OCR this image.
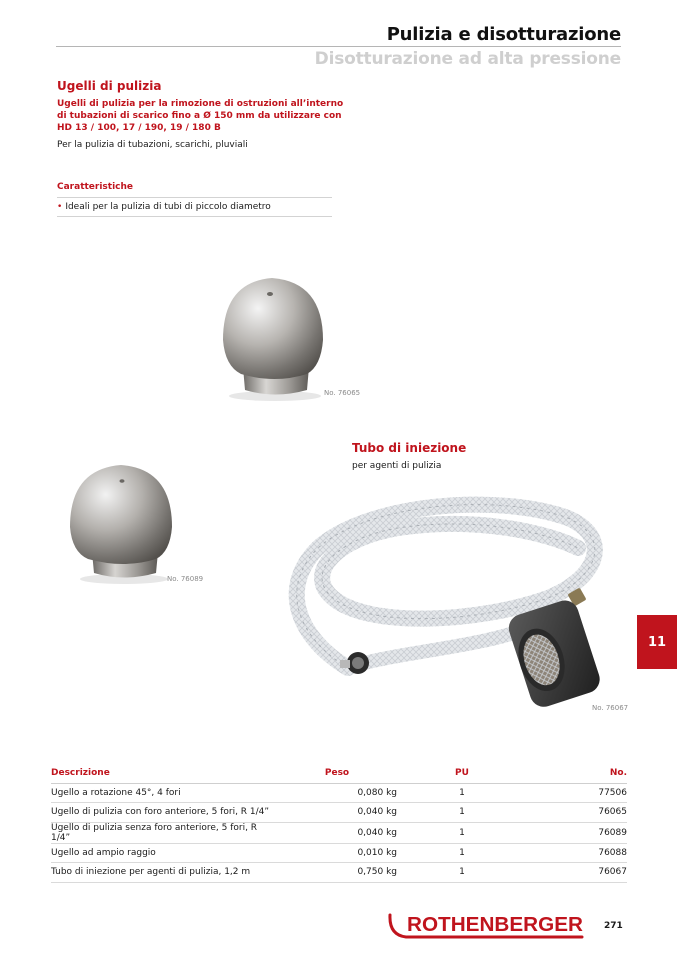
Pulizia e disotturazione
Disotturazione ad alta pressione
Ugelli di pulizia
Ugelli di pulizia per la rimozione di ostruzioni all’interno di tubazioni di scarico fino a Ø 150 mm da utilizzare con HD 13 / 100, 17 / 190, 19 / 180 B
Per la pulizia di tubazioni, scarichi, pluviali
Caratteristiche
• Ideali per la pulizia di tubi di piccolo diametro
No. 76065
No. 76089
Tubo di iniezione
per agenti di pulizia
No. 76067
11
Descrizione	Peso	PU	No.
Ugello a rotazione 45°, 4 fori	0,080 kg	1	77506
Ugello di pulizia con foro anteriore, 5 fori, R 1/4”	0,040 kg	1	76065
Ugello di pulizia senza foro anteriore, 5 fori, R 1/4”	0,040 kg	1	76089
Ugello ad ampio raggio	0,010 kg	1	76088
Tubo di iniezione per agenti di pulizia, 1,2 m	0,750 kg	1	76067
ROTHENBERGER 271
